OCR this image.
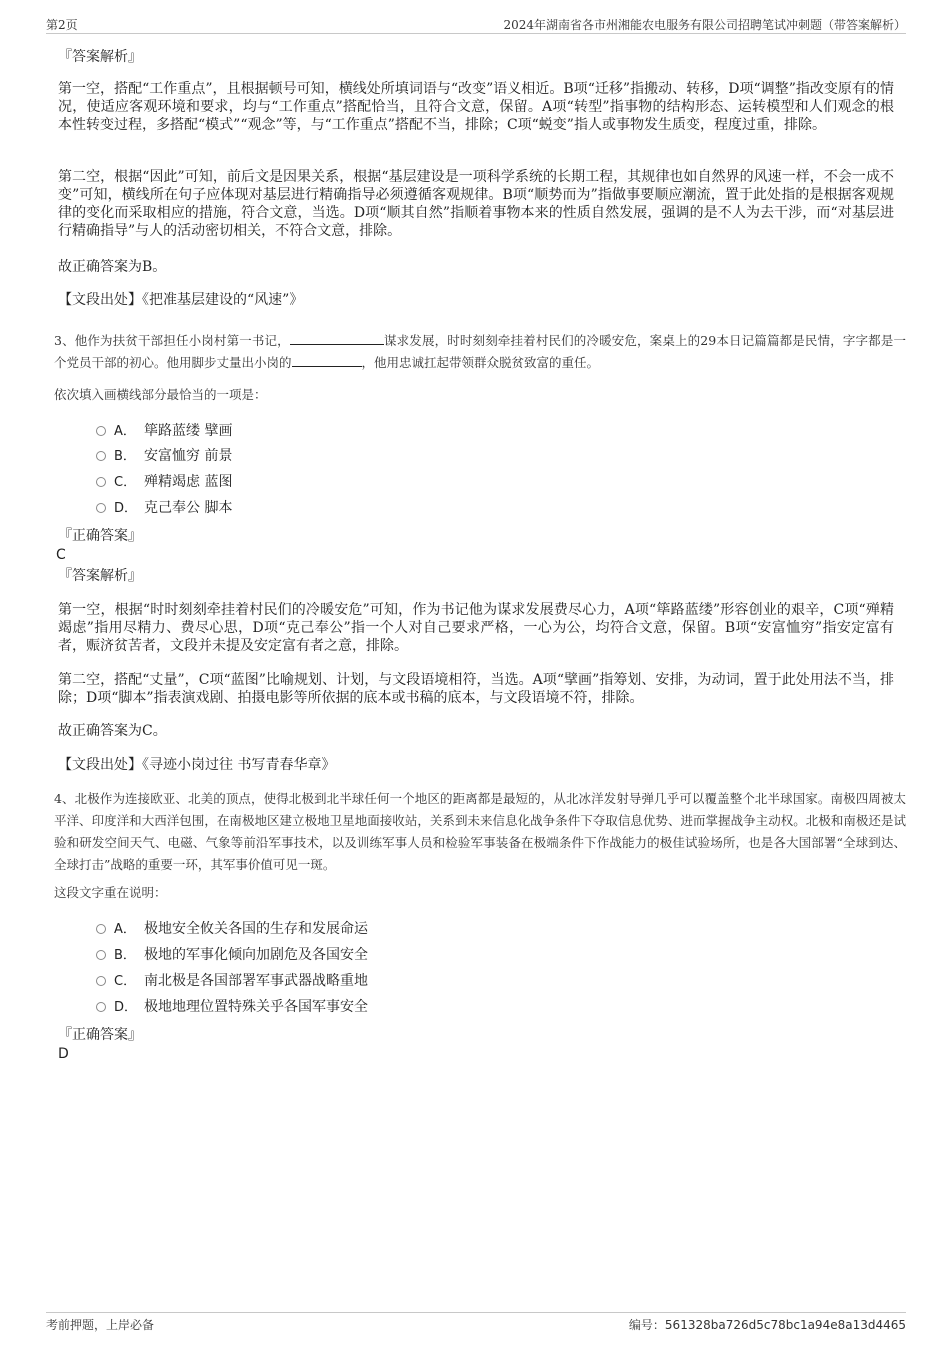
第2页	2024年湖南省各市州湘能农电服务有限公司招聘笔试冲刺题（带答案解析）
『答案解析』
第一空，搭配“工作重点”，且根据顿号可知，横线处所填词语与“改变”语义相近。B项“迁移”指搬动、转移，D项“调整”指改变原有的情况，使适应客观环境和要求，均与“工作重点”搭配恰当，且符合文意，保留。A项“转型”指事物的结构形态、运转模型和人们观念的根本性转变过程，多搭配“模式”“观念”等，与“工作重点”搭配不当，排除；C项“蜕变”指人或事物发生质变，程度过重，排除。
第二空，根据“因此”可知，前后文是因果关系，根据“基层建设是一项科学系统的长期工程，其规律也如自然界的风速一样，不会一成不变”可知，横线所在句子应体现对基层进行精确指导必须遵循客观规律。B项“顺势而为”指做事要顺应潮流，置于此处指的是根据客观规律的变化而采取相应的措施，符合文意，当选。D项“顺其自然”指顺着事物本来的性质自然发展，强调的是不人为去干涉，而“对基层进行精确指导”与人的活动密切相关，不符合文意，排除。
故正确答案为B。
【文段出处】《把准基层建设的“风速”》
3、他作为扶贫干部担任小岗村第一书记，	谋求发展，时时刻刻牵挂着村民们的冷暖安危，案桌上的29本日记篇篇都是民情，字字都是一个党员干部的初心。他用脚步丈量出小岗的	，他用忠诚扛起带领群众脱贫致富的重任。
依次填入画横线部分最恰当的一项是：
A． 筚路蓝缕 擘画
B． 安富恤穷 前景
C． 殚精竭虑 蓝图
D． 克己奉公 脚本
『正确答案』
C
『答案解析』
第一空，根据“时时刻刻牵挂着村民们的冷暖安危”可知，作为书记他为谋求发展费尽心力，A项“筚路蓝缕”形容创业的艰辛，C项“殚精竭虑”指用尽精力、费尽心思，D项“克己奉公”指一个人对自己要求严格，一心为公，均符合文意，保留。B项“安富恤穷”指安定富有者，赈济贫苦者，文段并未提及安定富有者之意，排除。
第二空，搭配“丈量”，C项“蓝图”比喻规划、计划，与文段语境相符，当选。A项“擘画”指筹划、安排，为动词，置于此处用法不当，排除；D项“脚本”指表演戏剧、拍摄电影等所依据的底本或书稿的底本，与文段语境不符，排除。
故正确答案为C。
【文段出处】《寻迹小岗过往 书写青春华章》
4、北极作为连接欧亚、北美的顶点，使得北极到北半球任何一个地区的距离都是最短的，从北冰洋发射导弹几乎可以覆盖整个北半球国家。南极四周被太平洋、印度洋和大西洋包围，在南极地区建立极地卫星地面接收站，关系到未来信息化战争条件下夺取信息优势、进而掌握战争主动权。北极和南极还是试验和研发空间天气、电磁、气象等前沿军事技术，以及训练军事人员和检验军事装备在极端条件下作战能力的极佳试验场所，也是各大国部署“全球到达、全球打击”战略的重要一环，其军事价值可见一斑。
这段文字重在说明：
A． 极地安全攸关各国的生存和发展命运
B． 极地的军事化倾向加剧危及各国安全
C． 南北极是各国部署军事武器战略重地
D． 极地地理位置特殊关乎各国军事安全
『正确答案』
D
考前押题，上岸必备	编号：561328ba726d5c78bc1a94e8a13d4465
